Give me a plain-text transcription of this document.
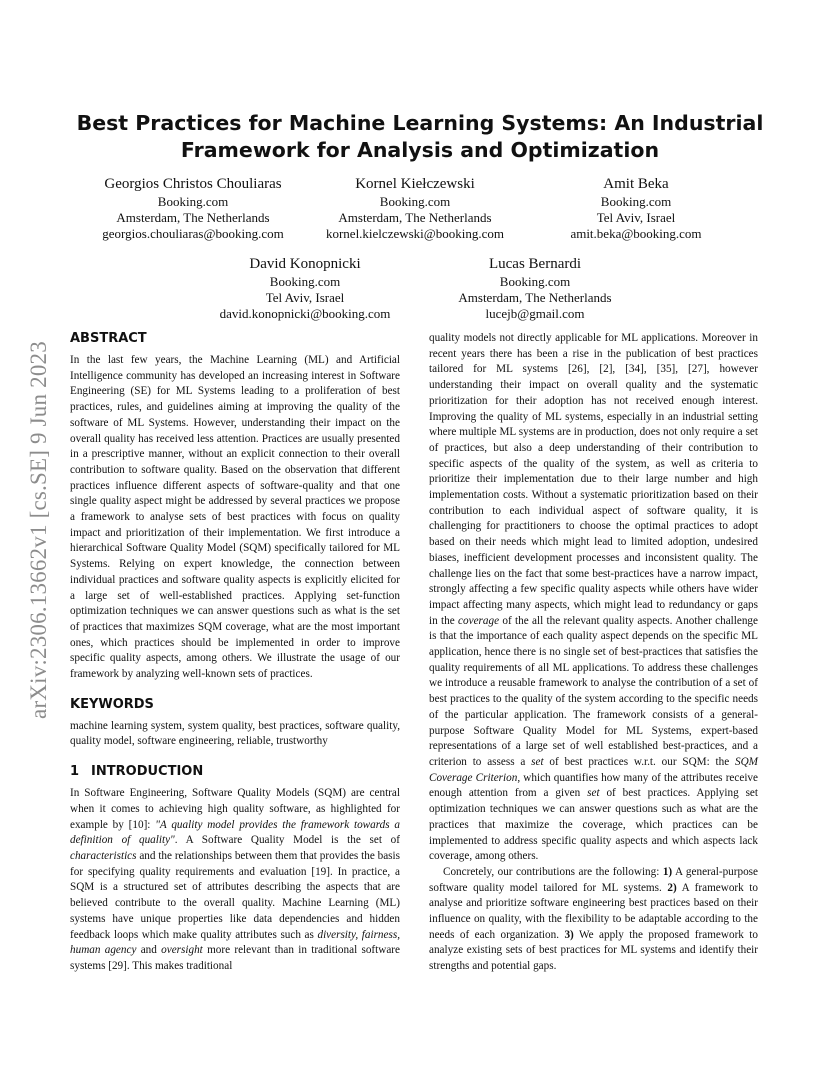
arXiv:2306.13662v1 [cs.SE] 9 Jun 2023
Best Practices for Machine Learning Systems: An Industrial
Framework for Analysis and Optimization
Georgios Christos Chouliaras
Booking.com
Amsterdam, The Netherlands
georgios.chouliaras@booking.com
Kornel Kiełczewski
Booking.com
Amsterdam, The Netherlands
kornel.kielczewski@booking.com
Amit Beka
Booking.com
Tel Aviv, Israel
amit.beka@booking.com
David Konopnicki
Booking.com
Tel Aviv, Israel
david.konopnicki@booking.com
Lucas Bernardi
Booking.com
Amsterdam, The Netherlands
lucejb@gmail.com
ABSTRACT

In the last few years, the Machine Learning (ML) and Artificial Intelligence community has developed an increasing interest in Software Engineering (SE) for ML Systems leading to a proliferation of best practices, rules, and guidelines aiming at improving the quality of the software of ML Systems. However, understanding their impact on the overall quality has received less attention. Practices are usually presented in a prescriptive manner, without an explicit connection to their overall contribution to software quality. Based on the observation that different practices influence different aspects of software-quality and that one single quality aspect might be addressed by several practices we propose a framework to analyse sets of best practices with focus on quality impact and prioritization of their implementation. We first introduce a hierarchical Software Quality Model (SQM) specifically tailored for ML Systems. Relying on expert knowledge, the connection between individual practices and software quality aspects is explicitly elicited for a large set of well-established practices. Applying set-function optimization techniques we can answer questions such as what is the set of practices that maximizes SQM coverage, what are the most important ones, which practices should be implemented in order to improve specific quality aspects, among others. We illustrate the usage of our framework by analyzing well-known sets of practices.

KEYWORDS

machine learning system, system quality, best practices, software quality, quality model, software engineering, reliable, trustworthy

1 INTRODUCTION

In Software Engineering, Software Quality Models (SQM) are central when it comes to achieving high quality software, as highlighted for example by [10]: "A quality model provides the framework towards a definition of quality". A Software Quality Model is the set of characteristics and the relationships between them that provides the basis for specifying quality requirements and evaluation [19]. In practice, a SQM is a structured set of attributes describing the aspects that are believed contribute to the overall quality. Machine Learning (ML) systems have unique properties like data dependencies and hidden feedback loops which make quality attributes such as diversity, fairness, human agency and oversight more relevant than in traditional software systems [29]. This makes traditional

quality models not directly applicable for ML applications. Moreover in recent years there has been a rise in the publication of best practices tailored for ML systems [26], [2], [34], [35], [27], however understanding their impact on overall quality and the systematic prioritization for their adoption has not received enough interest. Improving the quality of ML systems, especially in an industrial setting where multiple ML systems are in production, does not only require a set of practices, but also a deep understanding of their contribution to specific aspects of the quality of the system, as well as criteria to prioritize their implementation due to their large number and high implementation costs. Without a systematic prioritization based on their contribution to each individual aspect of software quality, it is challenging for practitioners to choose the optimal practices to adopt based on their needs which might lead to limited adoption, undesired biases, inefficient development processes and inconsistent quality. The challenge lies on the fact that some best-practices have a narrow impact, strongly affecting a few specific quality aspects while others have wider impact affecting many aspects, which might lead to redundancy or gaps in the coverage of the all the relevant quality aspects. Another challenge is that the importance of each quality aspect depends on the specific ML application, hence there is no single set of best-practices that satisfies the quality requirements of all ML applications. To address these challenges we introduce a reusable framework to analyse the contribution of a set of best practices to the quality of the system according to the specific needs of the particular application. The framework consists of a general-purpose Software Quality Model for ML Systems, expert-based representations of a large set of well established best-practices, and a criterion to assess a set of best practices w.r.t. our SQM: the SQM Coverage Criterion, which quantifies how many of the attributes receive enough attention from a given set of best practices. Applying set optimization techniques we can answer questions such as what are the practices that maximize the coverage, which practices can be implemented to address specific quality aspects and which aspects lack coverage, among others.

Concretely, our contributions are the following: 1) A general-purpose software quality model tailored for ML systems. 2) A framework to analyse and prioritize software engineering best practices based on their influence on quality, with the flexibility to be adaptable according to the needs of each organization. 3) We apply the proposed framework to analyze existing sets of best practices for ML systems and identify their strengths and potential gaps.
